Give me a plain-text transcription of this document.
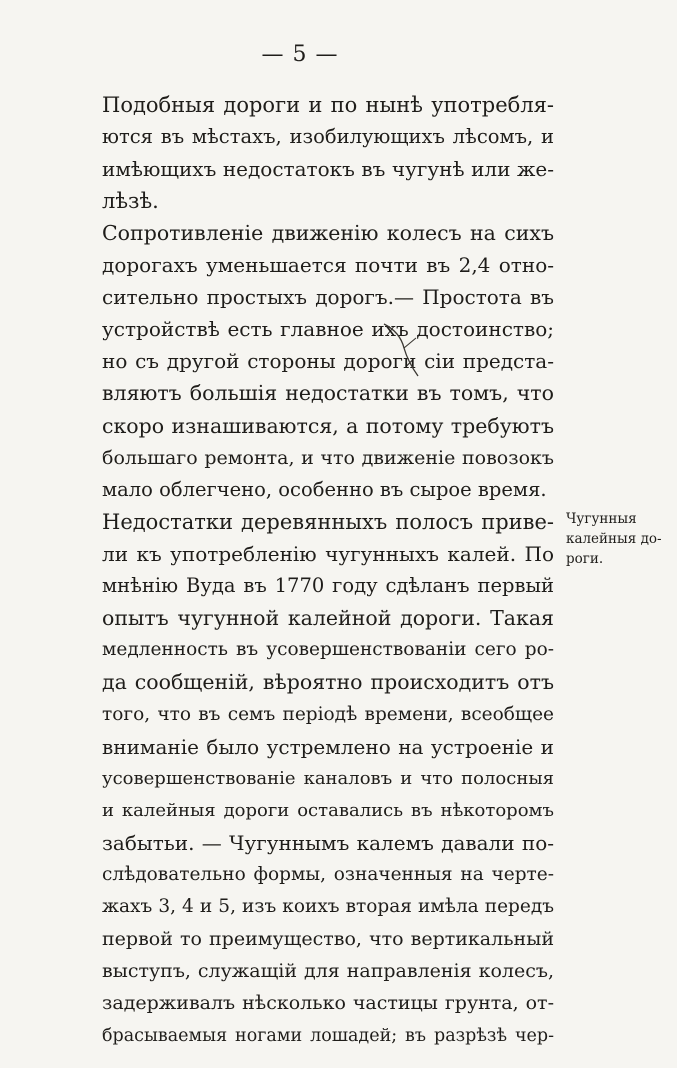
— 5 —
Подобныя дороги и по нынѣ употребля-
ются въ мѣстахъ, изобилующихъ лѣсомъ, и
имѣющихъ недостатокъ въ чугунѣ или же-
лѣзѣ.
Сопротивленіе движенію колесъ на сихъ
дорогахъ уменьшается почти въ 2,4 отно-
сительно простыхъ дорогъ.— Простота въ
устройствѣ есть главное ихъ достоинство;
но съ другой стороны дороги сіи предста-
вляютъ большія недостатки въ томъ, что
скоро изнашиваются, а потому требуютъ
большаго ремонта, и что движеніе повозокъ
мало облегчено, особенно въ сырое время.
Недостатки деревянныхъ полосъ приве-
ли къ употребленію чугунныхъ калей. По
мнѣнію Вуда въ 1770 году сдѣланъ первый
опытъ чугунной калейной дороги. Такая
медленность въ усовершенствованіи сего ро-
да сообщеній, вѣроятно происходитъ отъ
того, что въ семъ періодѣ времени, всеобщее
вниманіе было устремлено на устроеніе и
усовершенствованіе каналовъ и что полосныя
и калейныя дороги оставались въ нѣкоторомъ
забытьи. — Чугуннымъ калемъ давали по-
слѣдовательно формы, означенныя на черте-
жахъ 3, 4 и 5, изъ коихъ вторая имѣла передъ
первой то преимущество, что вертикальный
выступъ, служащій для направленія колесъ,
задерживалъ нѣсколько частицы грунта, от-
брасываемыя ногами лошадей; въ разрѣзѣ чер-
Чугунныя
калейныя до-
роги.
